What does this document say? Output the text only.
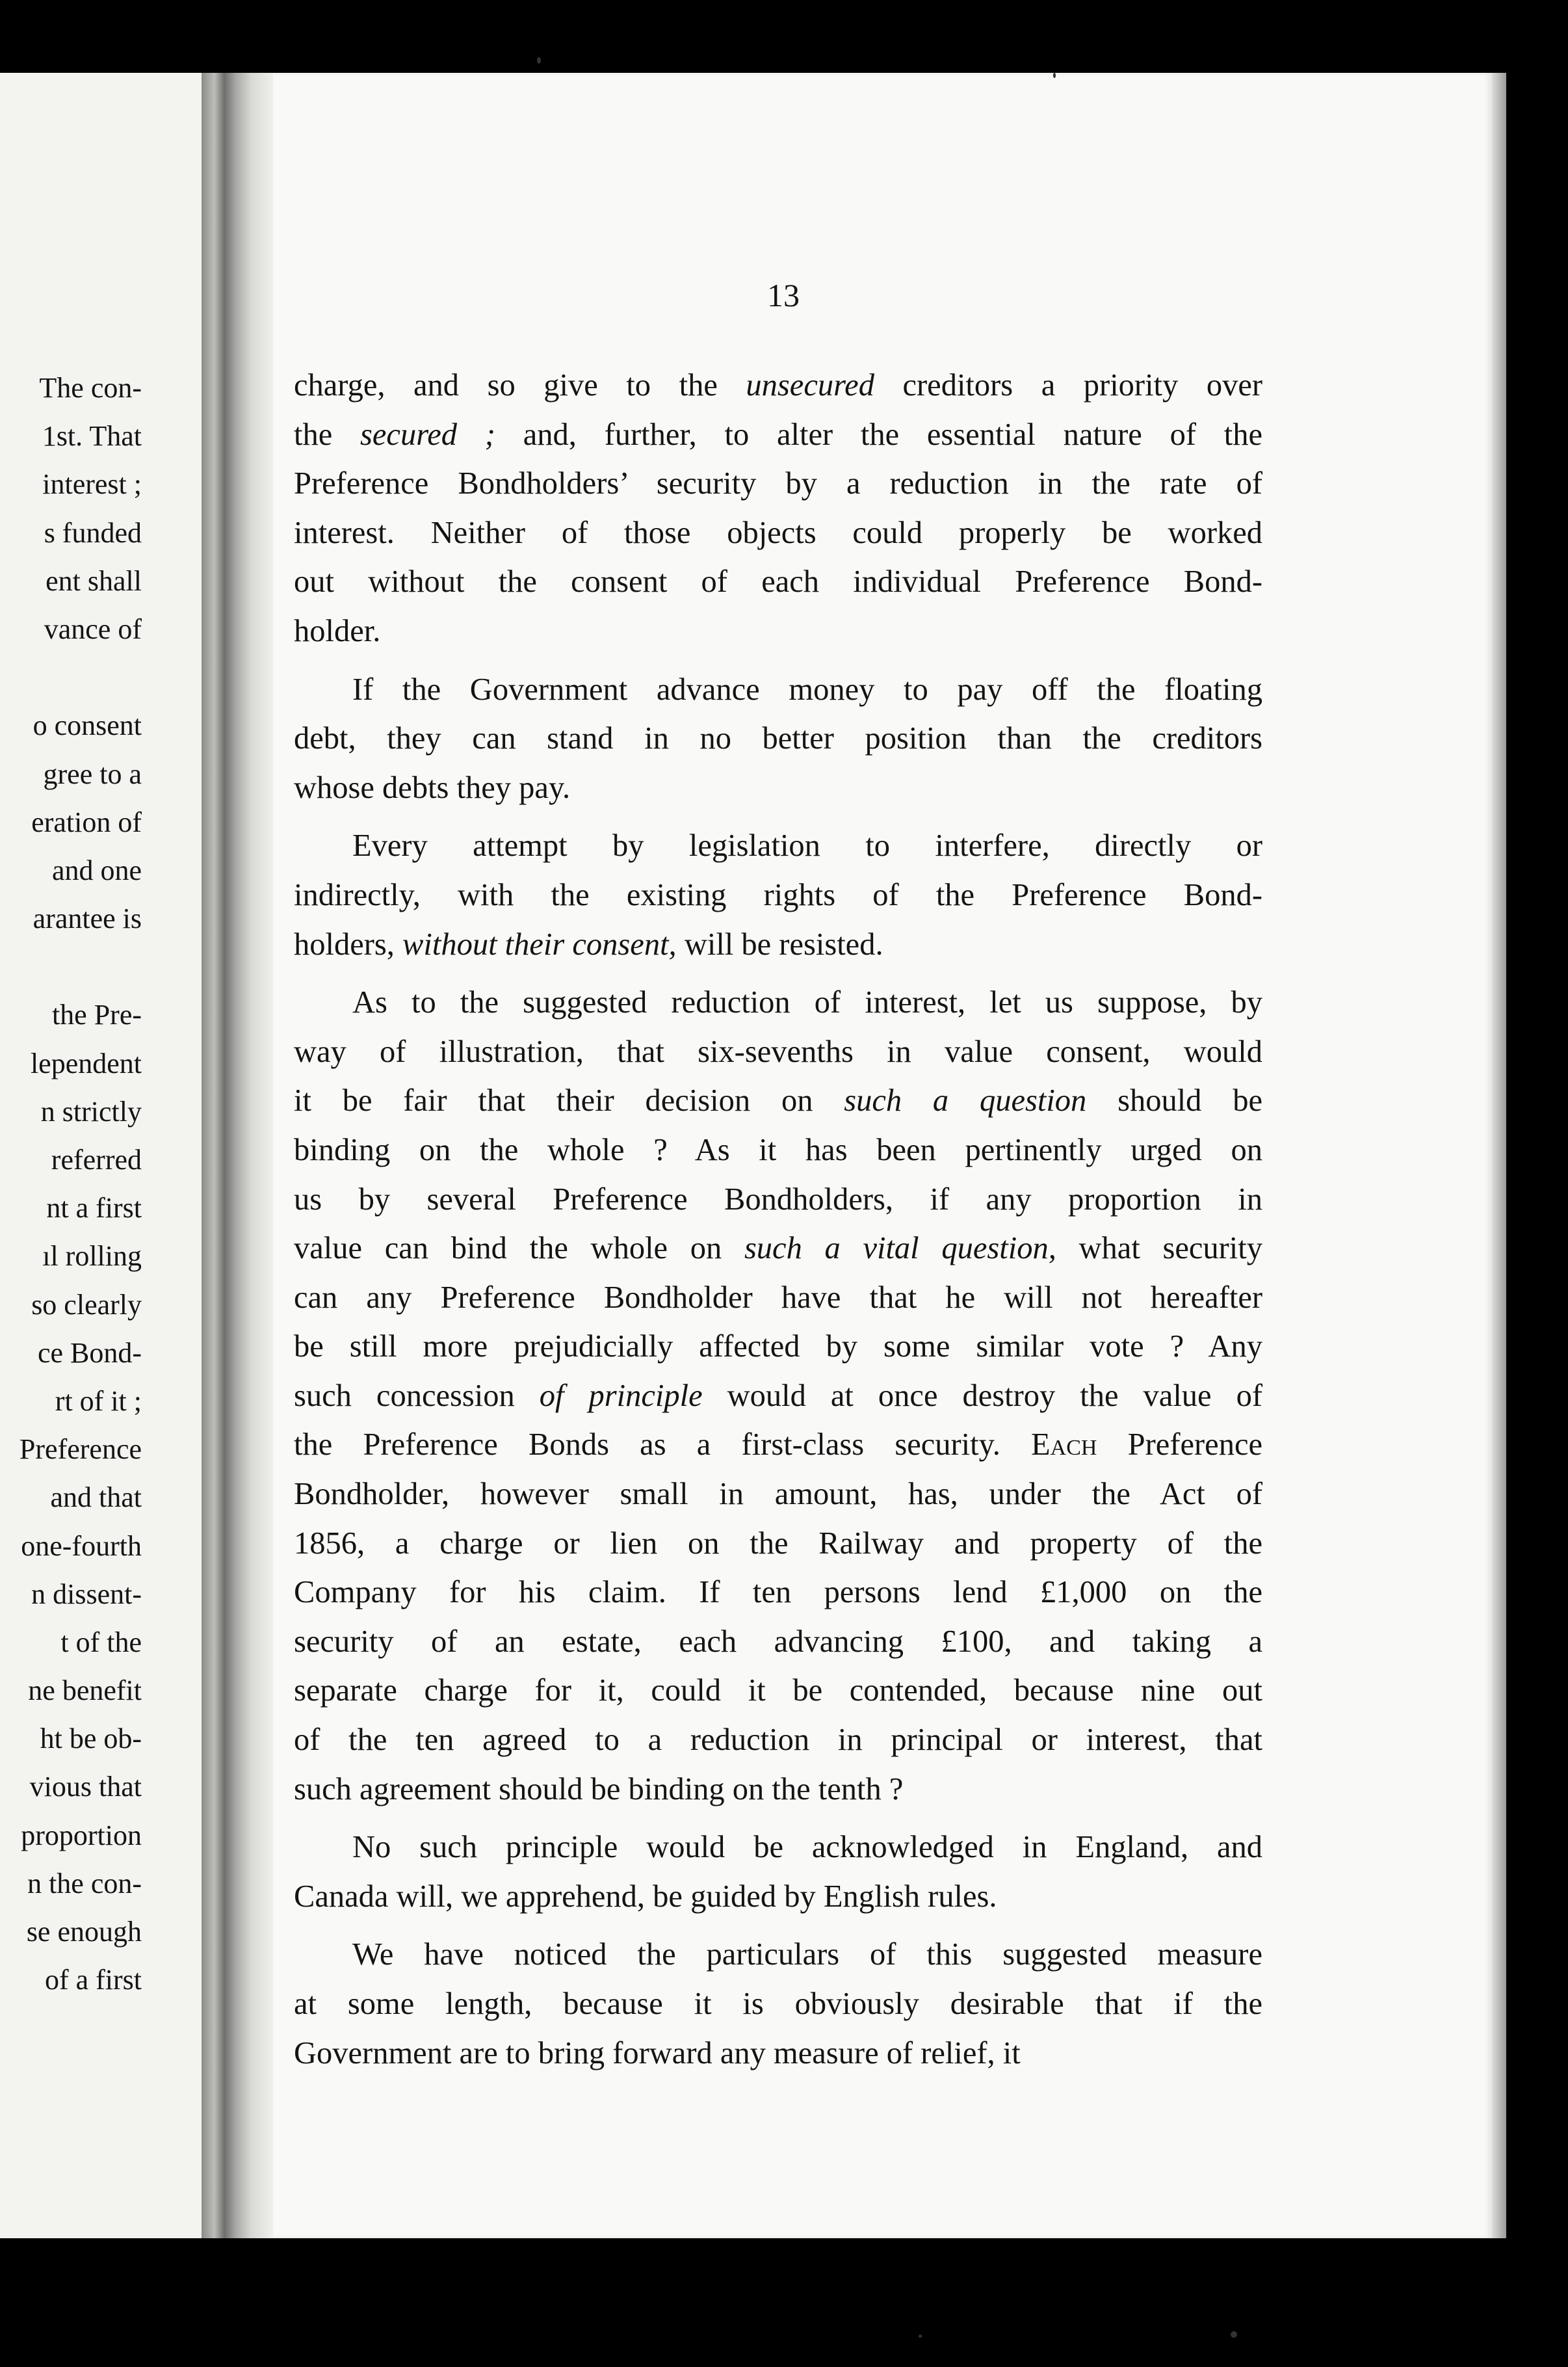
The con-
1st. That
interest ;
s funded
ent shall
vance of
o consent
gree to a
eration of
and one
arantee is
the Pre-
lependent
n strictly
referred
nt a first
ıl rolling
so clearly
ce Bond-
rt of it ;
Preference
and that
one-fourth
n dissent-
t of the
ne benefit
ht be ob-
vious that
proportion
n the con-
se enough
of a first
13
charge, and so give to the unsecured creditors a priority over
the secured ; and, further, to alter the essential nature of the
Preference Bondholders’ security by a reduction in the rate of
interest. Neither of those objects could properly be worked
out without the consent of each individual Preference Bond-
holder.
If the Government advance money to pay off the floating
debt, they can stand in no better position than the creditors
whose debts they pay.
Every attempt by legislation to interfere, directly or
indirectly, with the existing rights of the Preference Bond-
holders, without their consent, will be resisted.
As to the suggested reduction of interest, let us suppose, by
way of illustration, that six-sevenths in value consent, would
it be fair that their decision on such a question should be
binding on the whole ? As it has been pertinently urged on
us by several Preference Bondholders, if any proportion in
value can bind the whole on such a vital question, what security
can any Preference Bondholder have that he will not hereafter
be still more prejudicially affected by some similar vote ? Any
such concession of principle would at once destroy the value of
the Preference Bonds as a first-class security. Each Preference
Bondholder, however small in amount, has, under the Act of
1856, a charge or lien on the Railway and property of the
Company for his claim. If ten persons lend £1,000 on the
security of an estate, each advancing £100, and taking a
separate charge for it, could it be contended, because nine out
of the ten agreed to a reduction in principal or interest, that
such agreement should be binding on the tenth ?
No such principle would be acknowledged in England, and
Canada will, we apprehend, be guided by English rules.
We have noticed the particulars of this suggested measure
at some length, because it is obviously desirable that if the
Government are to bring forward any measure of relief, it
